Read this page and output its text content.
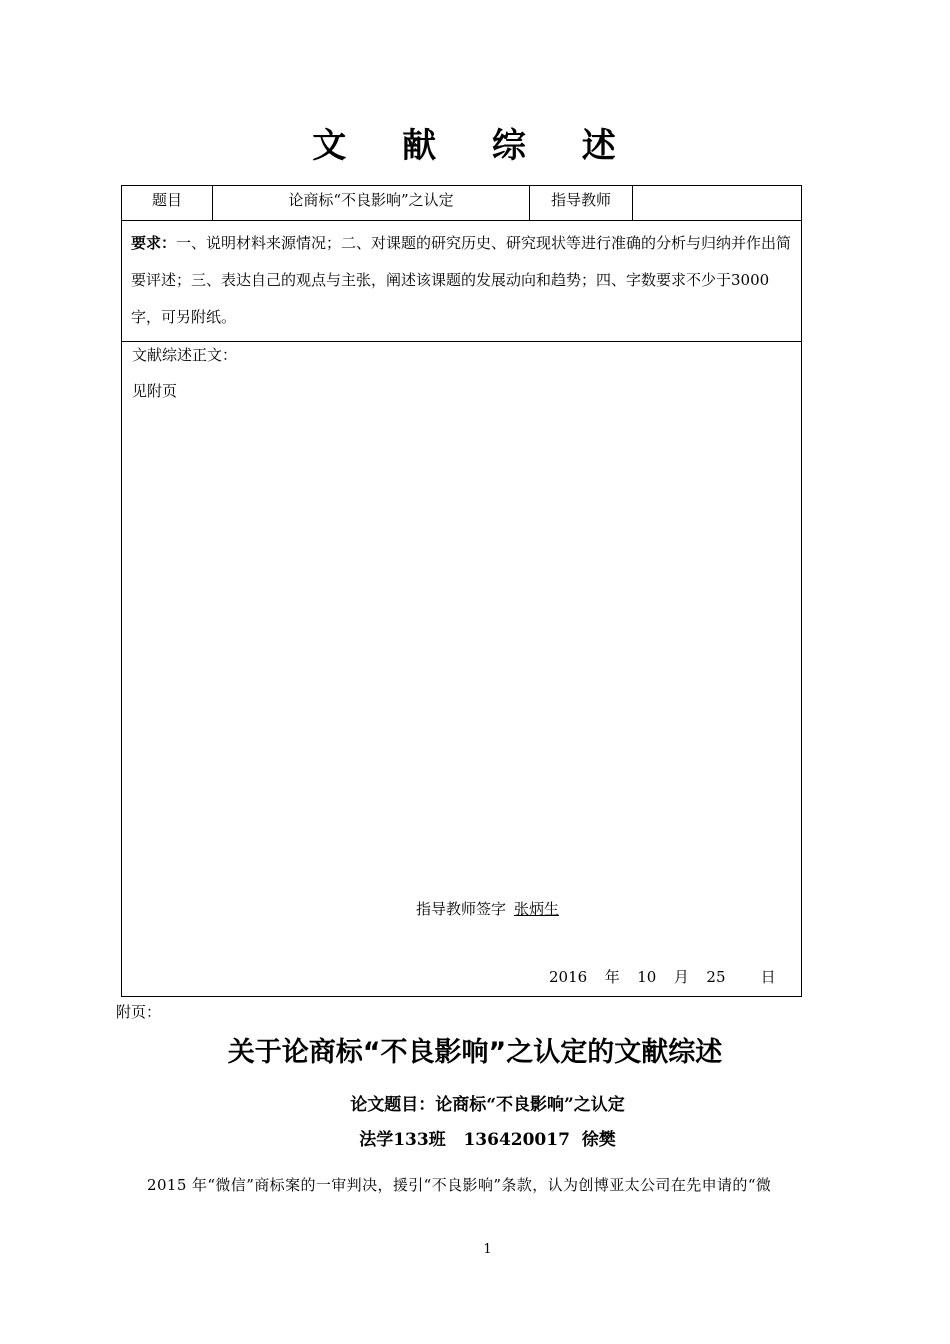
文 献 综 述
题目	论商标“不良影响”之认定	指导教师
要求：一、说明材料来源情况；二、对课题的研究历史、研究现状等进行准确的分析与归纳并作出简要评述；三、表达自己的观点与主张，阐述该课题的发展动向和趋势；四、字数要求不少于3000字，可另附纸。
文献综述正文：
见附页
指导教师签字 张炳生
2016  年  10  月  25    日
附页：
关于论商标“不良影响”之认定的文献综述
论文题目：论商标“不良影响”之认定
法学133班   136420017  徐樊
2015 年“微信”商标案的一审判决，援引“不良影响”条款，认为创博亚太公司在先申请的“微
1
